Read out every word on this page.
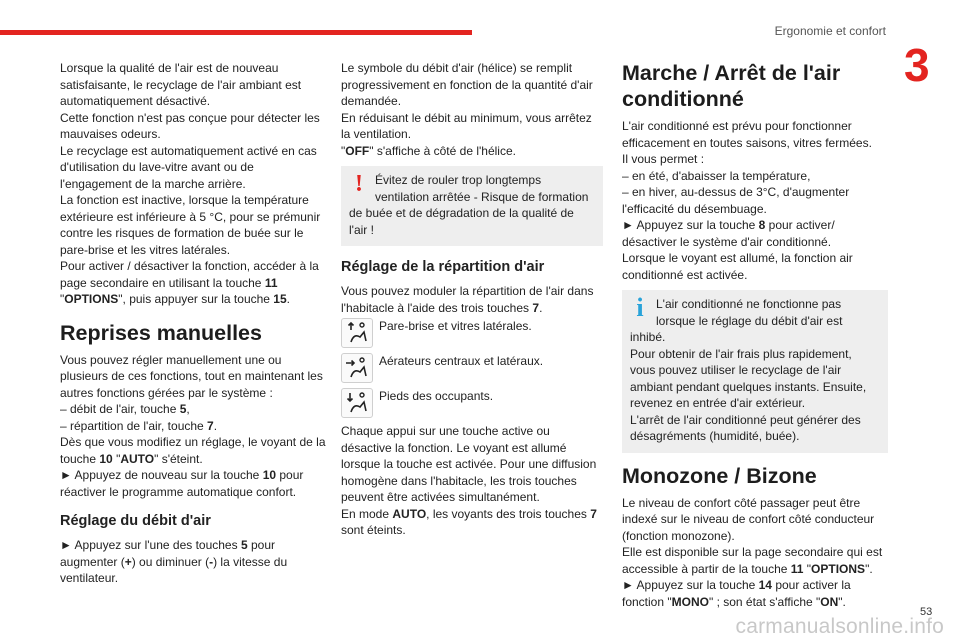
Ergonomie et confort
3

Lorsque la qualité de l'air est de nouveau satisfaisante, le recyclage de l'air ambiant est automatiquement désactivé.

Cette fonction n'est pas conçue pour détecter les mauvaises odeurs.

Le recyclage est automatiquement activé en cas d'utilisation du lave-vitre avant ou de l'engagement de la marche arrière.

La fonction est inactive, lorsque la température extérieure est inférieure à 5 °C, pour se prémunir contre les risques de formation de buée sur le pare-brise et les vitres latérales.

Pour activer / désactiver la fonction, accéder à la page secondaire en utilisant la touche 11 "OPTIONS", puis appuyer sur la touche 15.

Reprises manuelles

Vous pouvez régler manuellement une ou plusieurs de ces fonctions, tout en maintenant les autres fonctions gérées par le système :

– débit de l'air, touche 5,

– répartition de l'air, touche 7.

Dès que vous modifiez un réglage, le voyant de la touche 10 "AUTO" s'éteint.

► Appuyez de nouveau sur la touche 10 pour réactiver le programme automatique confort.

Réglage du débit d'air

► Appuyez sur l'une des touches 5 pour augmenter (+) ou diminuer (-) la vitesse du ventilateur.

Le symbole du débit d'air (hélice) se remplit progressivement en fonction de la quantité d'air demandée.

En réduisant le débit au minimum, vous arrêtez la ventilation.

"OFF" s'affiche à côté de l'hélice.

!	Évitez de rouler trop longtemps ventilation arrêtée - Risque de formation de buée et de dégradation de la qualité de l'air !
Réglage de la répartition d'air

Vous pouvez moduler la répartition de l'air dans l'habitacle à l'aide des trois touches 7.

Pare-brise et vitres latérales.
Aérateurs centraux et latéraux.
Pieds des occupants.

Chaque appui sur une touche active ou désactive la fonction. Le voyant est allumé lorsque la touche est activée. Pour une diffusion homogène dans l'habitacle, les trois touches peuvent être activées simultanément.

En mode AUTO, les voyants des trois touches 7 sont éteints.

Marche / Arrêt de l'air conditionné

L'air conditionné est prévu pour fonctionner efficacement en toutes saisons, vitres fermées.

Il vous permet :

– en été, d'abaisser la température,

– en hiver, au-dessus de 3°C, d'augmenter l'efficacité du désembuage.

► Appuyez sur la touche 8 pour activer/ désactiver le système d'air conditionné.

Lorsque le voyant est allumé, la fonction air conditionné est activée.

i	L'air conditionné ne fonctionne pas lorsque le réglage du débit d'air est inhibé.

Pour obtenir de l'air frais plus rapidement, vous pouvez utiliser le recyclage de l'air ambiant pendant quelques instants. Ensuite, revenez en entrée d'air extérieur.

L'arrêt de l'air conditionné peut générer des désagréments (humidité, buée).

Monozone / Bizone

Le niveau de confort côté passager peut être indexé sur le niveau de confort côté conducteur (fonction monozone).

Elle est disponible sur la page secondaire qui est accessible à partir de la touche 11 "OPTIONS".

► Appuyez sur la touche 14 pour activer la fonction "MONO" ; son état s'affiche "ON".

53
carmanualsonline.info
